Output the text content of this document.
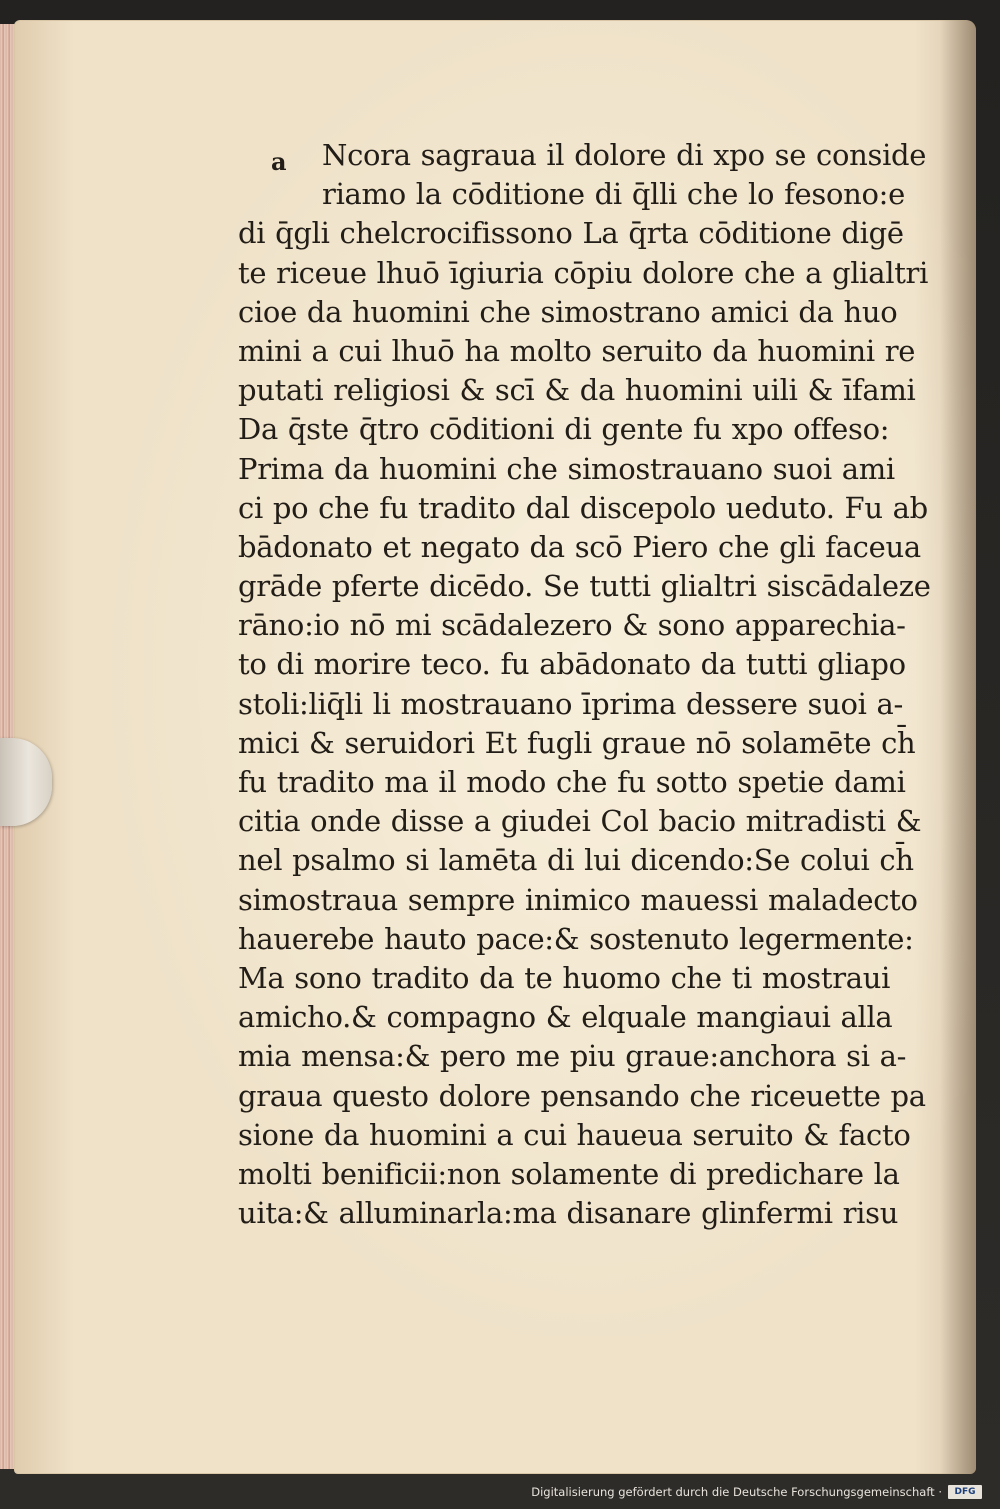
a	Ncora sagraua il dolore di xpo se conside
riamo la cōditione di q̄lli che lo fesono:e
di q̄gli chelcrocifissono La q̄rta cōditione digē
te riceue lhuō īgiuria cōpiu dolore che a glialtri
cioe da huomini che simostrano amici da huo
mini a cui lhuō ha molto seruito da huomini re
putati religiosi & scī & da huomini uili & īfami
Da q̄ste q̄tro cōditioni di gente fu xpo offeso:
Prima da huomini che simostrauano suoi ami
ci po che fu tradito dal discepolo ueduto. Fu ab
bādonato et negato da scō Piero che gli faceua
grāde pferte dicēdo. Se tutti glialtri siscādaleze
rāno:io nō mi scādalezero & sono apparechia-
to di morire teco. fu abādonato da tutti gliapo
stoli:liq̄li li mostrauano īprima dessere suoi a-
mici & seruidori Et fugli graue nō solamēte ch̄
fu tradito ma il modo che fu sotto spetie dami
citia onde disse a giudei Col bacio mitradisti &
nel psalmo si lamēta di lui dicendo:Se colui ch̄
simostraua sempre inimico mauessi maladecto
hauerebe hauto pace:& sostenuto legermente:
Ma sono tradito da te huomo che ti mostraui
amicho.& compagno & elquale mangiaui alla
mia mensa:& pero me piu graue:anchora si a-
graua questo dolore pensando che riceuette pa
sione da huomini a cui haueua seruito & facto
molti benificii:non solamente di predichare la
uita:& alluminarla:ma disanare glinfermi risu
Digitalisierung gefördert durch die Deutsche Forschungsgemeinschaft ·	DFG
